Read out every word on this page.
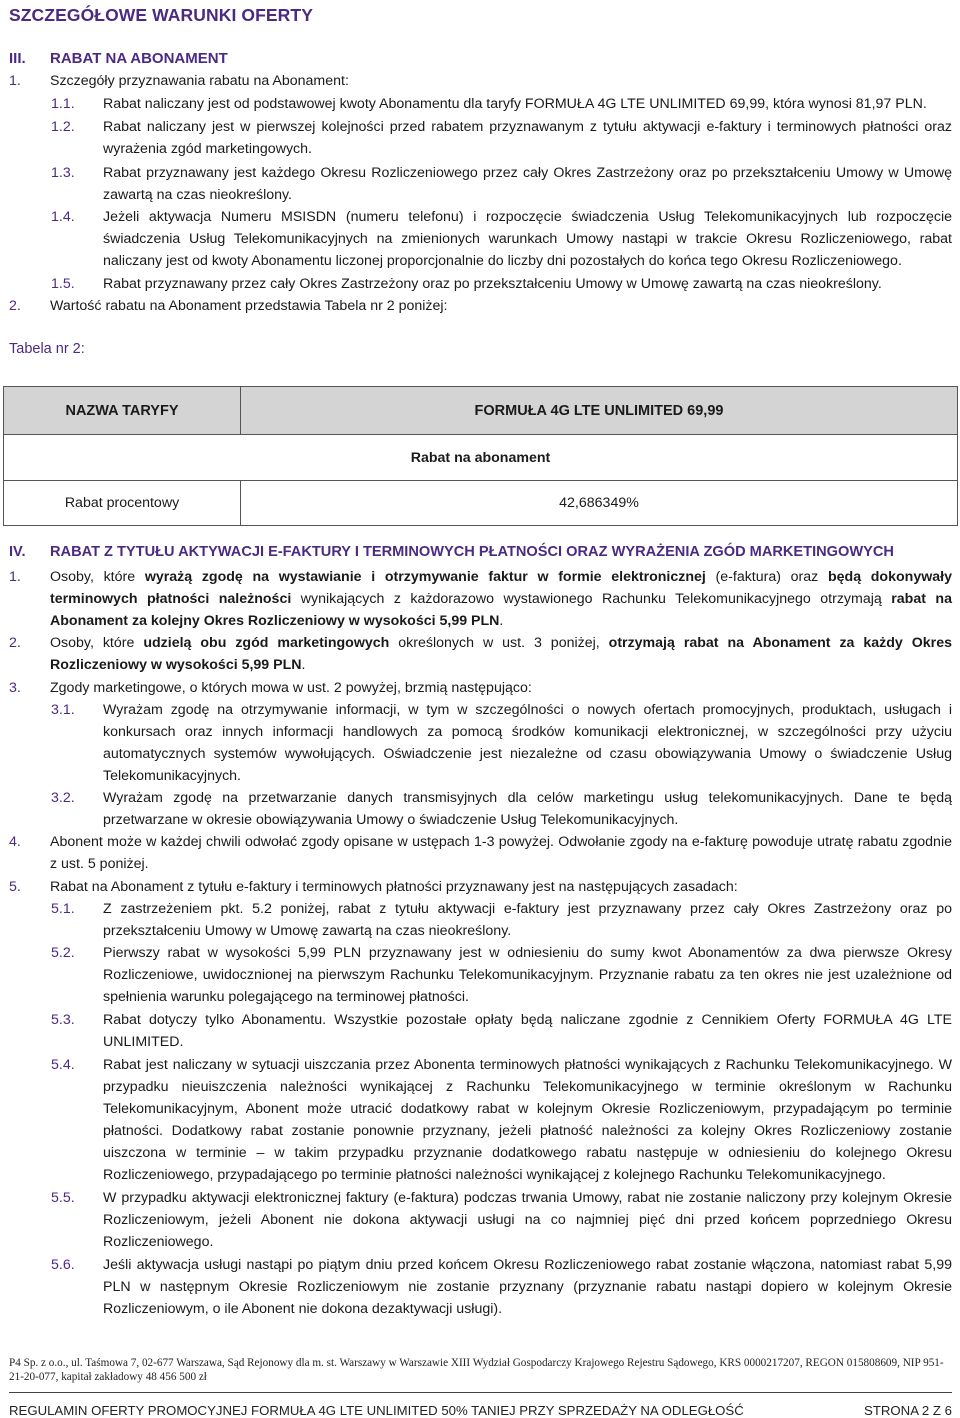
SZCZEGÓŁOWE WARUNKI OFERTY
III. RABAT NA ABONAMENT
1. Szczegóły przyznawania rabatu na Abonament:
1.1. Rabat naliczany jest od podstawowej kwoty Abonamentu dla taryfy FORMUŁA 4G LTE UNLIMITED 69,99, która wynosi 81,97 PLN.
1.2. Rabat naliczany jest w pierwszej kolejności przed rabatem przyznawanym z tytułu aktywacji e-faktury i terminowych płatności oraz wyrażenia zgód marketingowych.
1.3. Rabat przyznawany jest każdego Okresu Rozliczeniowego przez cały Okres Zastrzeżony oraz po przekształceniu Umowy w Umowę zawartą na czas nieokreślony.
1.4. Jeżeli aktywacja Numeru MSISDN (numeru telefonu) i rozpoczęcie świadczenia Usług Telekomunikacyjnych lub rozpoczęcie świadczenia Usług Telekomunikacyjnych na zmienionych warunkach Umowy nastąpi w trakcie Okresu Rozliczeniowego, rabat naliczany jest od kwoty Abonamentu liczonej proporcjonalnie do liczby dni pozostałych do końca tego Okresu Rozliczeniowego.
1.5. Rabat przyznawany przez cały Okres Zastrzeżony oraz po przekształceniu Umowy w Umowę zawartą na czas nieokreślony.
2. Wartość rabatu na Abonament przedstawia Tabela nr 2 poniżej:
Tabela nr 2:
NAZWA TARYFY	FORMUŁA 4G LTE UNLIMITED 69,99
Rabat na abonament	
Rabat procentowy	42,686349%
IV. RABAT Z TYTUŁU AKTYWACJI E-FAKTURY I TERMINOWYCH PŁATNOŚCI ORAZ WYRAŻENIA ZGÓD MARKETINGOWYCH
1. Osoby, które wyrażą zgodę na wystawianie i otrzymywanie faktur w formie elektronicznej (e-faktura) oraz będą dokonywały terminowych płatności należności wynikających z każdorazowo wystawionego Rachunku Telekomunikacyjnego otrzymają rabat na Abonament za kolejny Okres Rozliczeniowy w wysokości 5,99 PLN.
2. Osoby, które udzielą obu zgód marketingowych określonych w ust. 3 poniżej, otrzymają rabat na Abonament za każdy Okres Rozliczeniowy w wysokości 5,99 PLN.
3. Zgody marketingowe, o których mowa w ust. 2 powyżej, brzmią następująco:
3.1. Wyrażam zgodę na otrzymywanie informacji, w tym w szczególności o nowych ofertach promocyjnych, produktach, usługach i konkursach oraz innych informacji handlowych za pomocą środków komunikacji elektronicznej, w szczególności przy użyciu automatycznych systemów wywołujących. Oświadczenie jest niezależne od czasu obowiązywania Umowy o świadczenie Usług Telekomunikacyjnych.
3.2. Wyrażam zgodę na przetwarzanie danych transmisyjnych dla celów marketingu usług telekomunikacyjnych. Dane te będą przetwarzane w okresie obowiązywania Umowy o świadczenie Usług Telekomunikacyjnych.
4. Abonent może w każdej chwili odwołać zgody opisane w ustępach 1-3 powyżej. Odwołanie zgody na e-fakturę powoduje utratę rabatu zgodnie z ust. 5 poniżej.
5. Rabat na Abonament z tytułu e-faktury i terminowych płatności przyznawany jest na następujących zasadach:
5.1. Z zastrzeżeniem pkt. 5.2 poniżej, rabat z tytułu aktywacji e-faktury jest przyznawany przez cały Okres Zastrzeżony oraz po przekształceniu Umowy w Umowę zawartą na czas nieokreślony.
5.2. Pierwszy rabat w wysokości 5,99 PLN przyznawany jest w odniesieniu do sumy kwot Abonamentów za dwa pierwsze Okresy Rozliczeniowe, uwidocznionej na pierwszym Rachunku Telekomunikacyjnym. Przyznanie rabatu za ten okres nie jest uzależnione od spełnienia warunku polegającego na terminowej płatności.
5.3. Rabat dotyczy tylko Abonamentu. Wszystkie pozostałe opłaty będą naliczane zgodnie z Cennikiem Oferty FORMUŁA 4G LTE UNLIMITED.
5.4. Rabat jest naliczany w sytuacji uiszczania przez Abonenta terminowych płatności wynikających z Rachunku Telekomunikacyjnego. W przypadku nieuiszczenia należności wynikającej z Rachunku Telekomunikacyjnego w terminie określonym w Rachunku Telekomunikacyjnym, Abonent może utracić dodatkowy rabat w kolejnym Okresie Rozliczeniowym, przypadającym po terminie płatności. Dodatkowy rabat zostanie ponownie przyznany, jeżeli płatność należności za kolejny Okres Rozliczeniowy zostanie uiszczona w terminie – w takim przypadku przyznanie dodatkowego rabatu następuje w odniesieniu do kolejnego Okresu Rozliczeniowego, przypadającego po terminie płatności należności wynikającej z kolejnego Rachunku Telekomunikacyjnego.
5.5. W przypadku aktywacji elektronicznej faktury (e-faktura) podczas trwania Umowy, rabat nie zostanie naliczony przy kolejnym Okresie Rozliczeniowym, jeżeli Abonent nie dokona aktywacji usługi na co najmniej pięć dni przed końcem poprzedniego Okresu Rozliczeniowego.
5.6. Jeśli aktywacja usługi nastąpi po piątym dniu przed końcem Okresu Rozliczeniowego rabat zostanie włączona, natomiast rabat 5,99 PLN w następnym Okresie Rozliczeniowym nie zostanie przyznany (przyznanie rabatu nastąpi dopiero w kolejnym Okresie Rozliczeniowym, o ile Abonent nie dokona dezaktywacji usługi).
P4 Sp. z o.o., ul. Taśmowa 7, 02-677 Warszawa, Sąd Rejonowy dla m. st. Warszawy w Warszawie XIII Wydział Gospodarczy Krajowego Rejestru Sądowego, KRS 0000217207, REGON 015808609, NIP 951-21-20-077, kapitał zakładowy 48 456 500 zł
REGULAMIN OFERTY PROMOCYJNEJ FORMUŁA 4G LTE UNLIMITED 50% TANIEJ PRZY SPRZEDAŻY NA ODLEGŁOŚĆ	STRONA 2 Z 6
